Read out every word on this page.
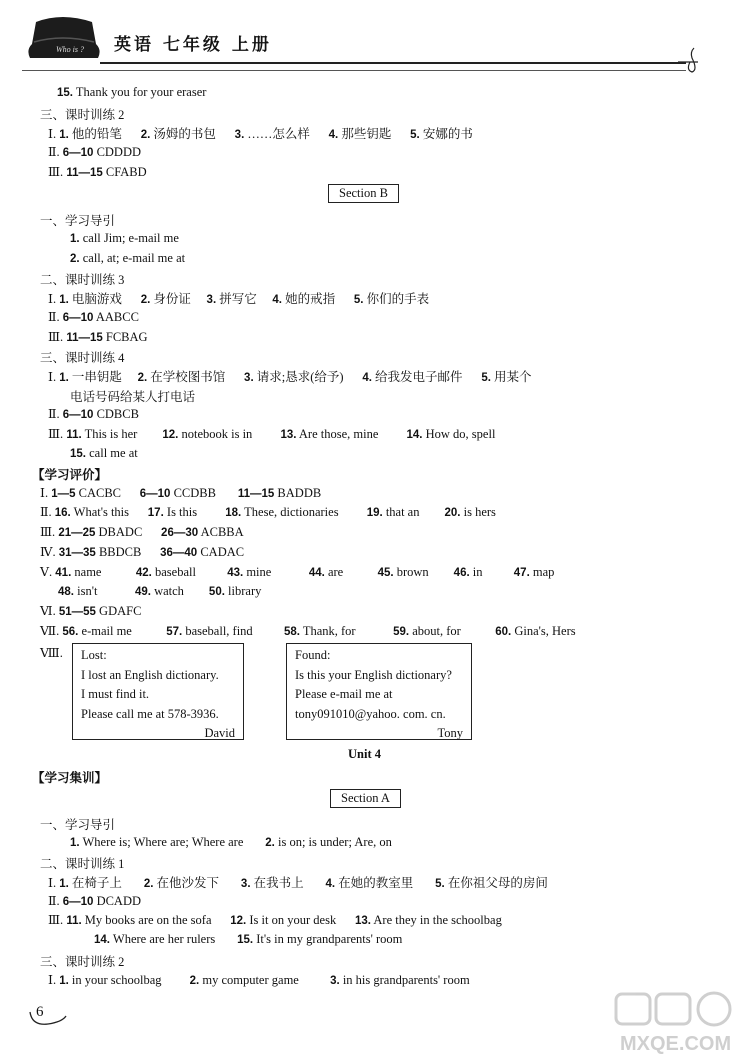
Who is ? 英语 七年级 上册
15. Thank you for your eraser
三、课时训练 2
Ⅰ. 1. 他的铅笔      2. 汤姆的书包      3. ……怎么样      4. 那些钥匙      5. 安娜的书
Ⅱ. 6—10 CDDDD
Ⅲ. 11—15 CFABD
一、学习导引
1. call Jim; e-mail me
2. call, at; e-mail me at
二、课时训练 3
Ⅰ. 1. 电脑游戏      2. 身份证     3. 拼写它     4. 她的戒指      5. 你们的手表
Ⅱ. 6—10 AABCC
Ⅲ. 11—15 FCBAG
三、课时训练 4
Ⅰ. 1. 一串钥匙     2. 在学校图书馆      3. 请求;恳求(给予)      4. 给我发电子邮件      5. 用某个
电话号码给某人打电话
Ⅱ. 6—10 CDBCB
Ⅲ. 11. This is her        12. notebook is in         13. Are those, mine         14. How do, spell
15. call me at
【学习评价】
Ⅰ. 1—5 CACBC      6—10 CCDBB       11—15 BADDB
Ⅱ. 16. What's this      17. Is this         18. These, dictionaries         19. that an        20. is hers
Ⅲ. 21—25 DBADC      26—30 ACBBA
Ⅳ. 31—35 BBDCB      36—40 CADAC
Ⅴ. 41. name           42. baseball          43. mine            44. are           45. brown        46. in          47. map
48. isn't            49. watch        50. library
Ⅵ. 51—55 GDAFC
Ⅶ. 56. e-mail me           57. baseball, find          58. Thank, for            59. about, for           60. Gina's, Hers
Ⅷ.
Unit 4
【学习集训】
一、学习导引
1. Where is; Where are; Where are       2. is on; is under; Are, on
二、课时训练 1
Ⅰ. 1. 在椅子上       2. 在他沙发下       3. 在我书上       4. 在她的教室里       5. 在你祖父母的房间
Ⅱ. 6—10 DCADD
Ⅲ. 11. My books are on the sofa      12. Is it on your desk      13. Are they in the schoolbag
14. Where are her rulers       15. It's in my grandparents' room
三、课时训练 2
Ⅰ. 1. in your schoolbag         2. my computer game          3. in his grandparents' room
Section B
Section A
Lost:
I lost an English dictionary.
I must find it.
Please call me at 578-3936.
David
Found:
Is this your English dictionary?
Please e-mail me at
tony091010@yahoo. com. cn.
Tony
6
MXQE.COM
